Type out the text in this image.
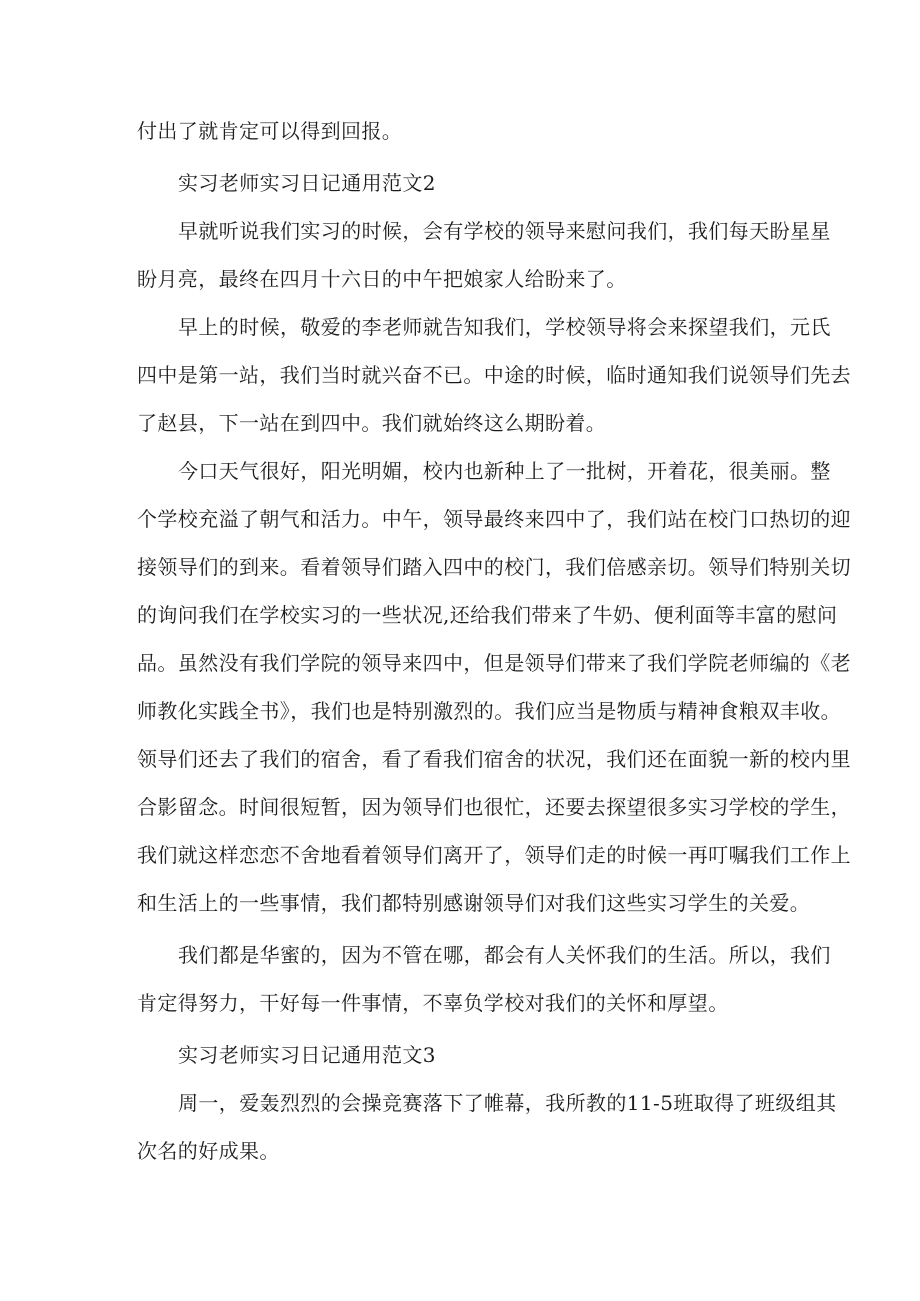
付出了就肯定可以得到回报。
实习老师实习日记通用范文2
早就听说我们实习的时候，会有学校的领导来慰问我们，我们每天盼星星
盼月亮，最终在四月十六日的中午把娘家人给盼来了。
早上的时候，敬爱的李老师就告知我们，学校领导将会来探望我们，元氏
四中是第一站，我们当时就兴奋不已。中途的时候，临时通知我们说领导们先去
了赵县，下一站在到四中。我们就始终这么期盼着。
今口天气很好，阳光明媚，校内也新种上了一批树，开着花，很美丽。整
个学校充溢了朝气和活力。中午，领导最终来四中了，我们站在校门口热切的迎
接领导们的到来。看着领导们踏入四中的校门，我们倍感亲切。领导们特别关切
的询问我们在学校实习的一些状况,还给我们带来了牛奶、便利面等丰富的慰问
品。虽然没有我们学院的领导来四中，但是领导们带来了我们学院老师编的《老
师教化实践全书》，我们也是特别激烈的。我们应当是物质与精神食粮双丰收。
领导们还去了我们的宿舍，看了看我们宿舍的状况，我们还在面貌一新的校内里
合影留念。时间很短暂，因为领导们也很忙，还要去探望很多实习学校的学生，
我们就这样恋恋不舍地看着领导们离开了，领导们走的时候一再叮嘱我们工作上
和生活上的一些事情，我们都特别感谢领导们对我们这些实习学生的关爱。
我们都是华蜜的，因为不管在哪，都会有人关怀我们的生活。所以，我们
肯定得努力，干好每一件事情，不辜负学校对我们的关怀和厚望。
实习老师实习日记通用范文3
周一，爱轰烈烈的会操竞赛落下了帷幕，我所教的11-5班取得了班级组其
次名的好成果。
